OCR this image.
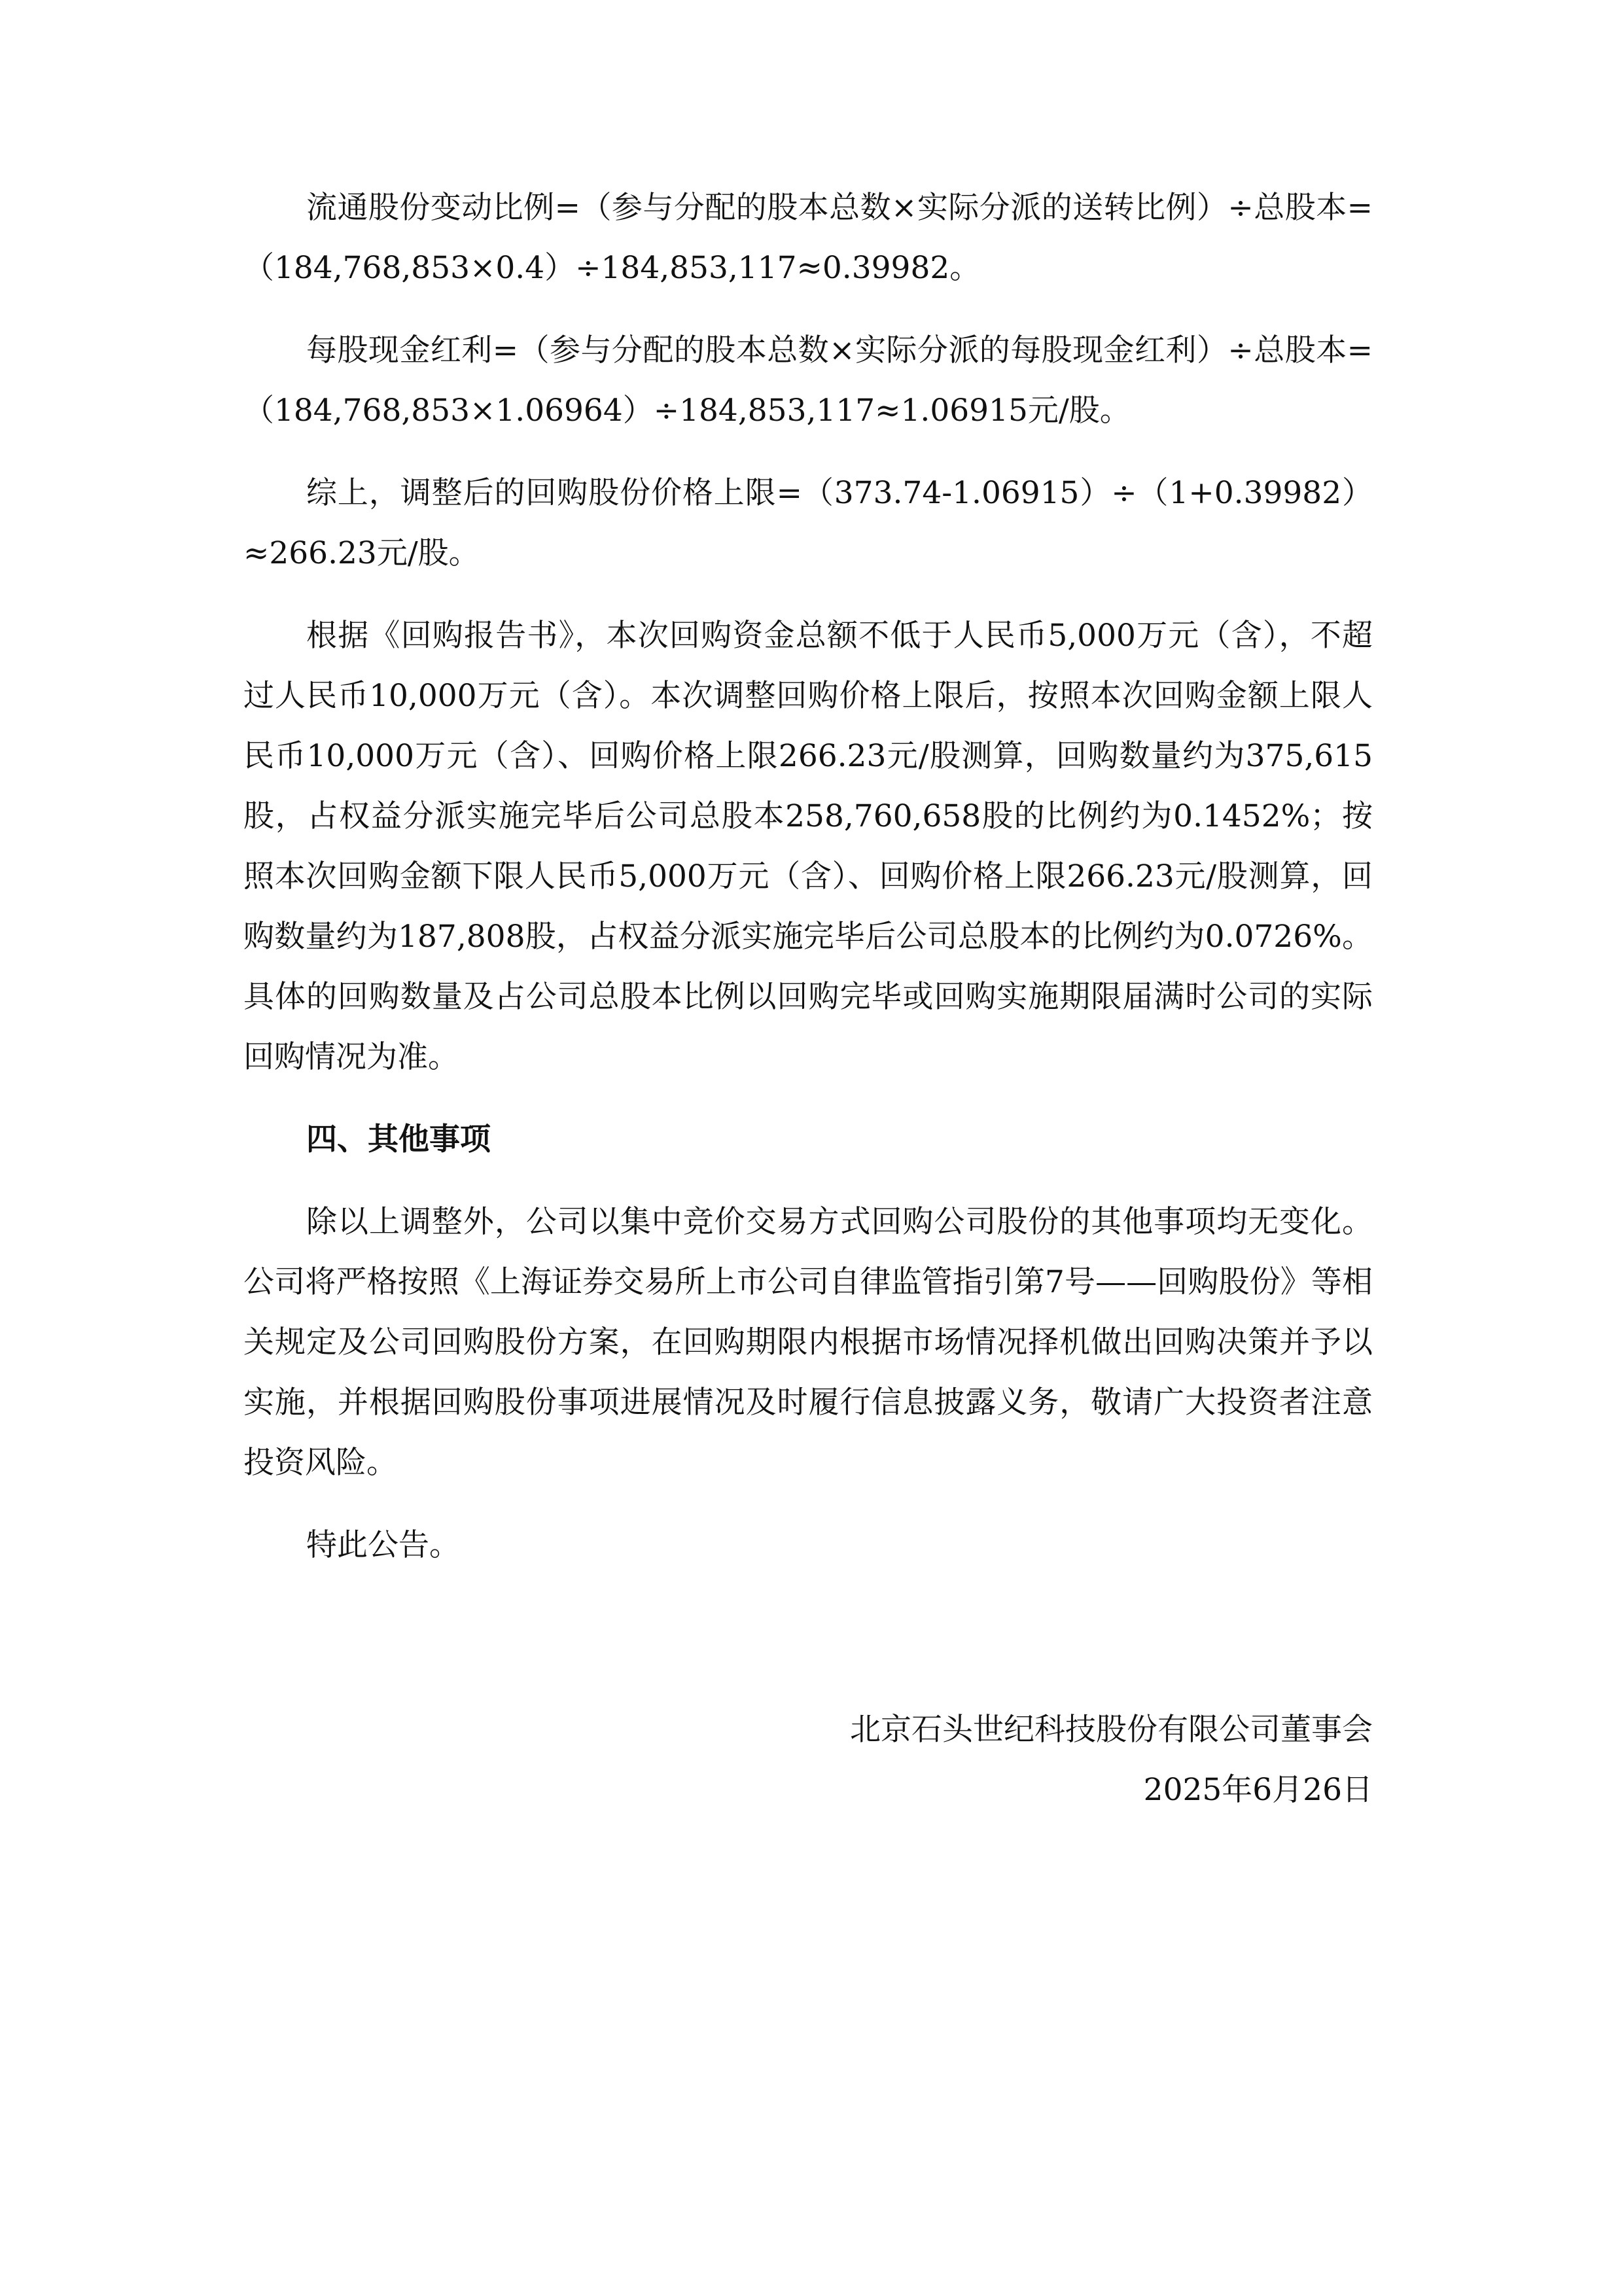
流通股份变动比例=（参与分配的股本总数×实际分派的送转比例）÷总股本=（184,768,853×0.4）÷184,853,117≈0.39982。

每股现金红利=（参与分配的股本总数×实际分派的每股现金红利）÷总股本=（184,768,853×1.06964）÷184,853,117≈1.06915元/股。

综上，调整后的回购股份价格上限=（373.74-1.06915）÷（1+0.39982）≈266.23元/股。

根据《回购报告书》，本次回购资金总额不低于人民币5,000万元（含），不超过人民币10,000万元（含）。本次调整回购价格上限后，按照本次回购金额上限人民币10,000万元（含）、回购价格上限266.23元/股测算，回购数量约为375,615股，占权益分派实施完毕后公司总股本258,760,658股的比例约为0.1452%；按照本次回购金额下限人民币5,000万元（含）、回购价格上限266.23元/股测算，回购数量约为187,808股，占权益分派实施完毕后公司总股本的比例约为0.0726%。具体的回购数量及占公司总股本比例以回购完毕或回购实施期限届满时公司的实际回购情况为准。

四、其他事项

除以上调整外，公司以集中竞价交易方式回购公司股份的其他事项均无变化。公司将严格按照《上海证券交易所上市公司自律监管指引第7号——回购股份》等相关规定及公司回购股份方案，在回购期限内根据市场情况择机做出回购决策并予以实施，并根据回购股份事项进展情况及时履行信息披露义务，敬请广大投资者注意投资风险。

特此公告。

北京石头世纪科技股份有限公司董事会
2025年6月26日
